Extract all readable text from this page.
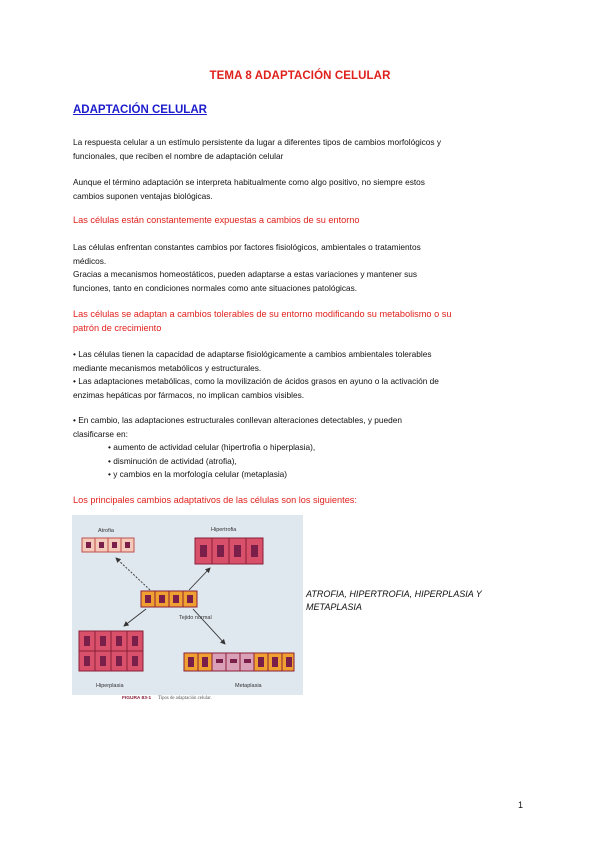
TEMA 8 ADAPTACIÓN CELULAR
ADAPTACIÓN CELULAR
La respuesta celular a un estímulo persistente da lugar a diferentes tipos de cambios morfológicos y
funcionales, que reciben el nombre de adaptación celular
Aunque el término adaptación se interpreta habitualmente como algo positivo, no siempre estos
cambios suponen ventajas biológicas.
Las células están constantemente expuestas a cambios de su entorno
Las células enfrentan constantes cambios por factores fisiológicos, ambientales o tratamientos
médicos.
Gracias a mecanismos homeostáticos, pueden adaptarse a estas variaciones y mantener sus
funciones, tanto en condiciones normales como ante situaciones patológicas.
Las células se adaptan a cambios tolerables de su entorno modificando su metabolismo o su
patrón de crecimiento
• Las células tienen la capacidad de adaptarse fisiológicamente a cambios ambientales tolerables
mediante mecanismos metabólicos y estructurales.
• Las adaptaciones metabólicas, como la movilización de ácidos grasos en ayuno o la activación de
enzimas hepáticas por fármacos, no implican cambios visibles.
• En cambio, las adaptaciones estructurales conllevan alteraciones detectables, y pueden
clasificarse en:
• aumento de actividad celular (hipertrofia o hiperplasia),
• disminución de actividad (atrofia),
• y cambios en la morfología celular (metaplasia)
Los principales cambios adaptativos de las células son los siguientes:
Atrofia	Hipertrofia
Tejido normal
Hiperplasia	Metaplasia
FIGURA 83-1 Tipos de adaptación celular.
ATROFIA, HIPERTROFIA, HIPERPLASIA Y
METAPLASIA
1
